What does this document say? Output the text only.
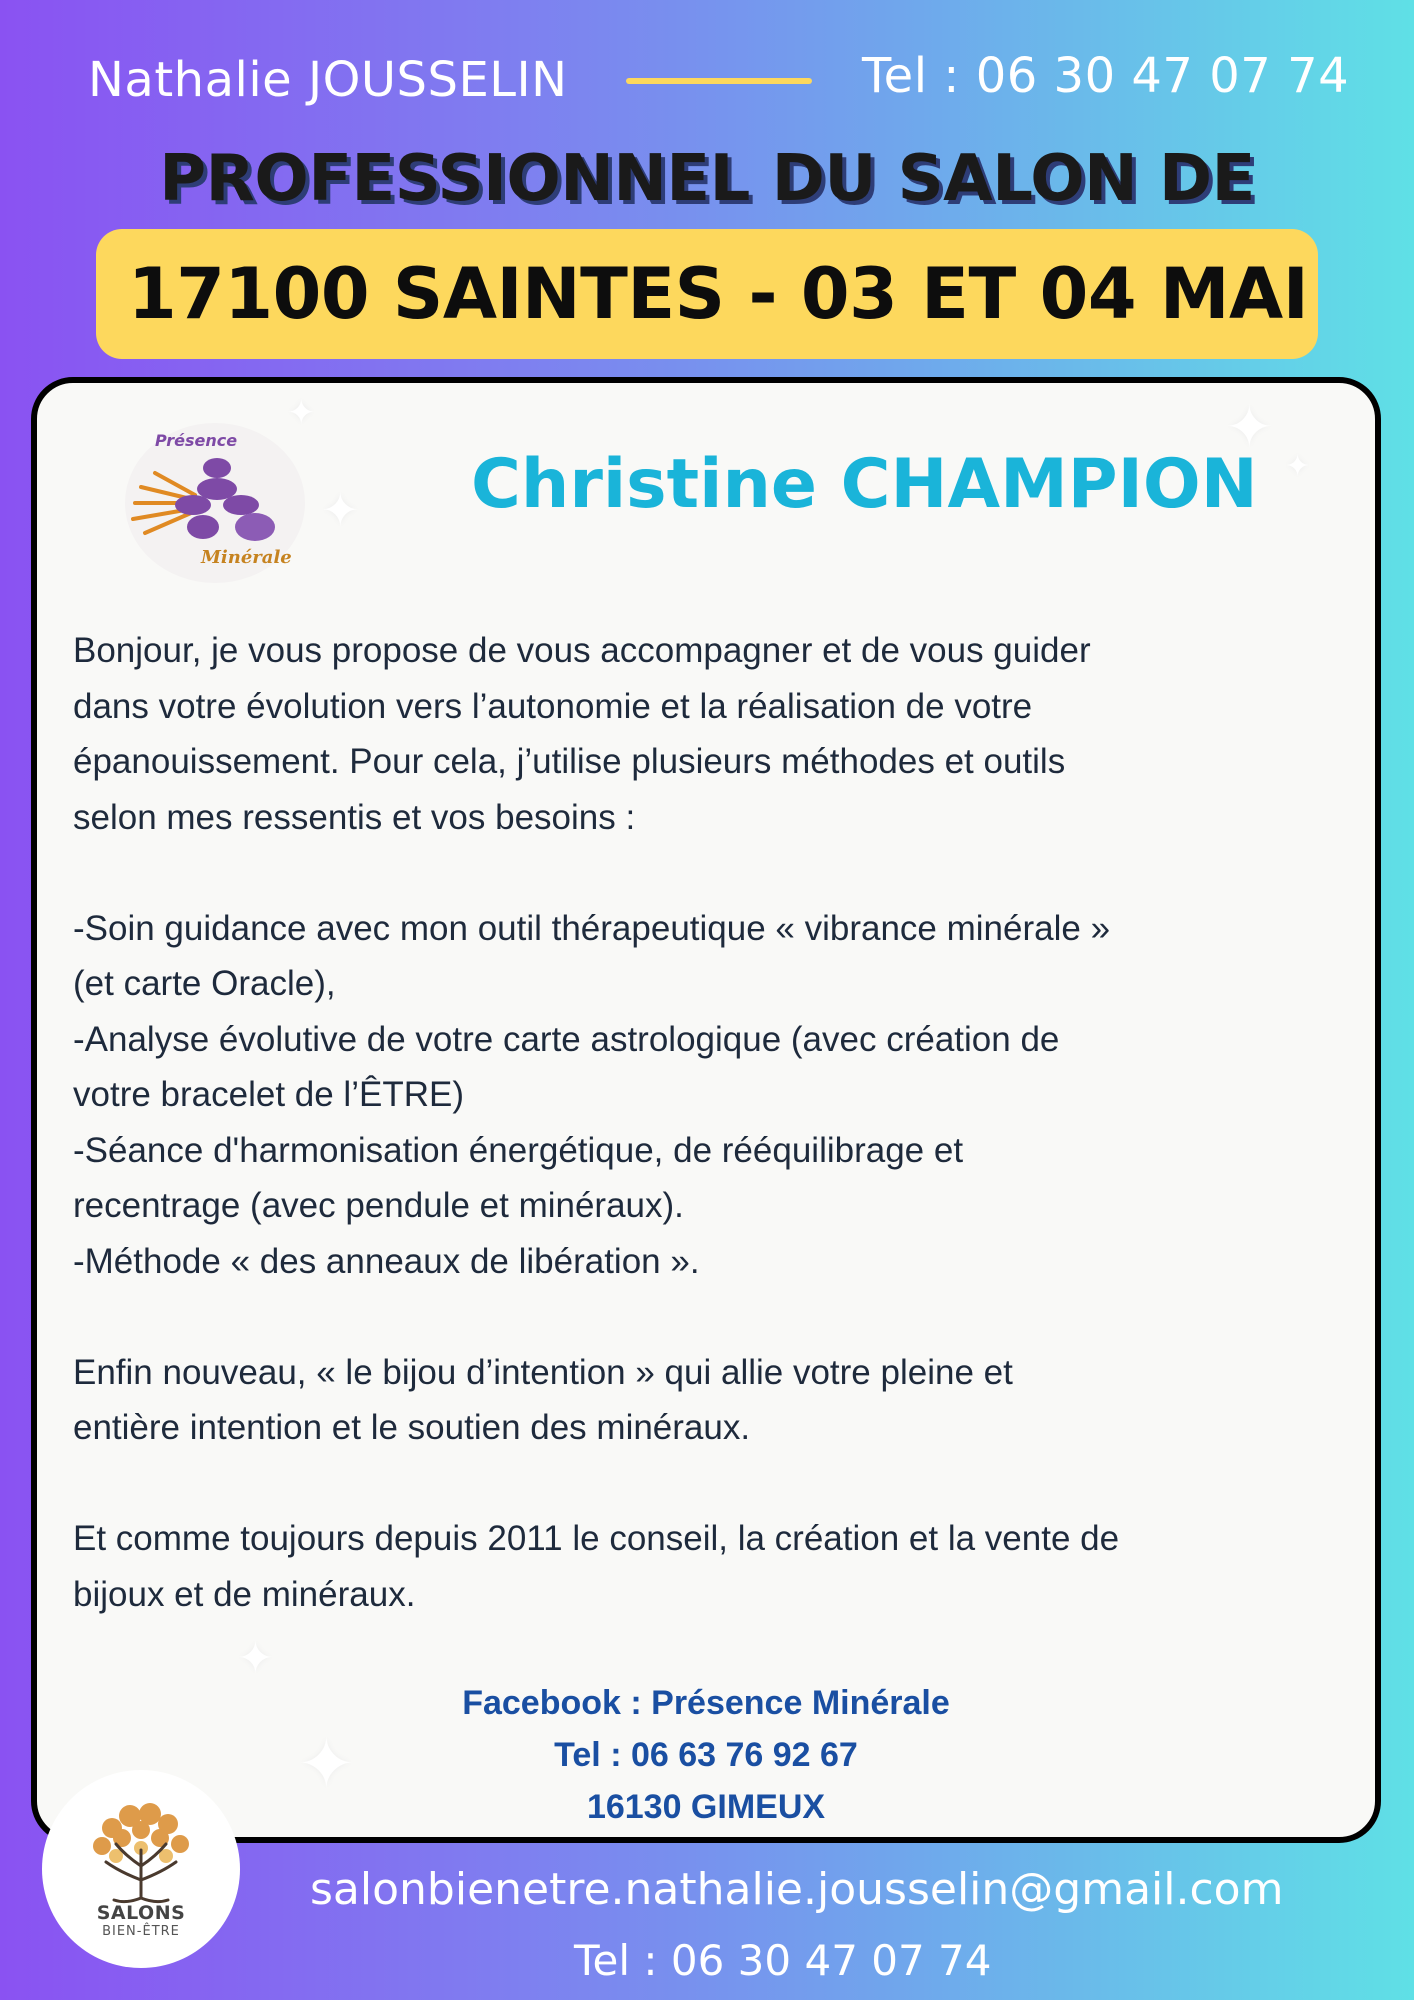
Nathalie JOUSSELIN	Tel : 06 30 47 07 74
PROFESSIONNEL DU SALON DE
17100 SAINTES - 03 ET 04 MAI
✦
✦
✦
✦
✦
✦
Présence
Minérale
Christine CHAMPION

Bonjour, je vous propose de vous accompagner et de vous guider
dans votre évolution vers l’autonomie et la réalisation de votre
épanouissement. Pour cela, j’utilise plusieurs méthodes et outils
selon mes ressentis et vos besoins :

-Soin guidance avec mon outil thérapeutique « vibrance minérale »
(et carte Oracle),
-Analyse évolutive de votre carte astrologique (avec création de
votre bracelet de l’ÊTRE)
-Séance d'harmonisation énergétique, de rééquilibrage et
recentrage (avec pendule et minéraux).
-Méthode « des anneaux de libération ».

Enfin nouveau, « le bijou d’intention » qui allie votre pleine et
entière intention et le soutien des minéraux.

Et comme toujours depuis 2011 le conseil, la création et la vente de
bijoux et de minéraux.

Facebook : Présence Minérale
Tel : 06 63 76 92 67
16130 GIMEUX
SALONS
BIEN-ÊTRE
salonbienetre.nathalie.jousselin@gmail.com
Tel : 06 30 47 07 74
